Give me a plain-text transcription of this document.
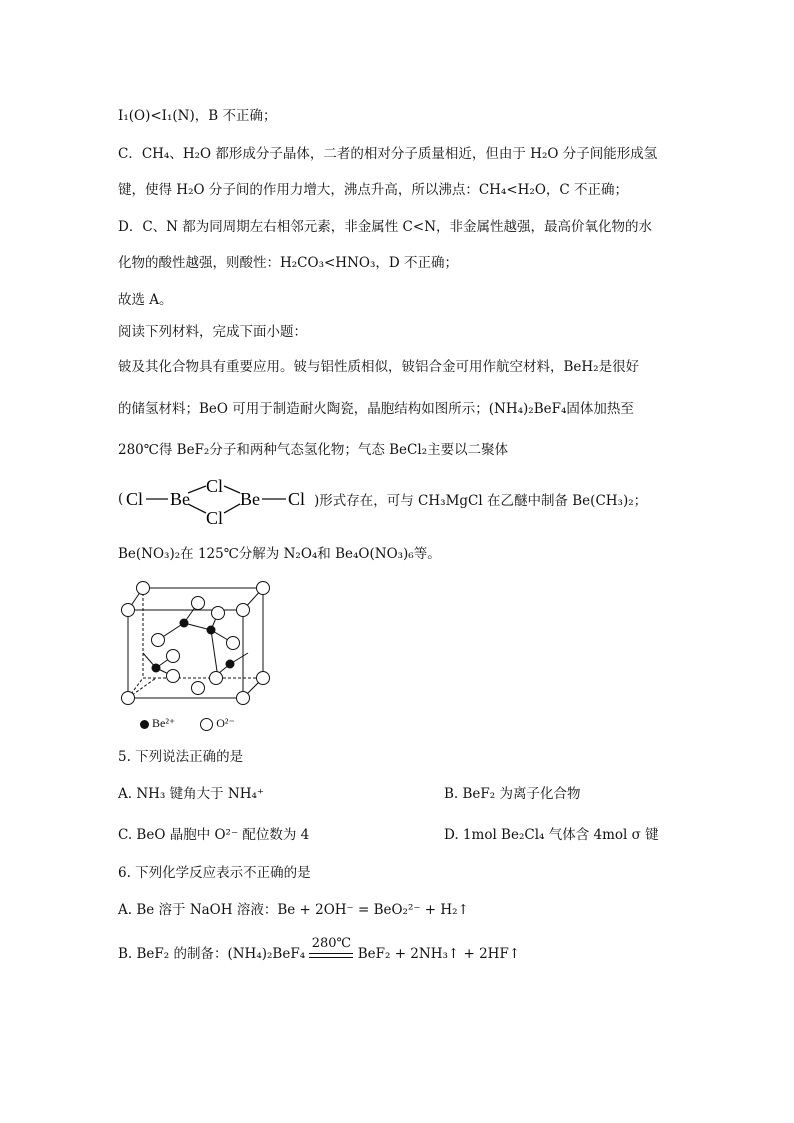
I₁(O)<I₁(N)，B 不正确；
C．CH₄、H₂O 都形成分子晶体，二者的相对分子质量相近，但由于 H₂O 分子间能形成氢
键，使得 H₂O 分子间的作用力增大，沸点升高，所以沸点：CH₄<H₂O，C 不正确；
D．C、N 都为同周期左右相邻元素，非金属性 C<N，非金属性越强，最高价氧化物的水
化物的酸性越强，则酸性：H₂CO₃<HNO₃，D 不正确；
故选 A。
阅读下列材料，完成下面小题：
铍及其化合物具有重要应用。铍与铝性质相似，铍铝合金可用作航空材料，BeH₂是很好
的储氢材料；BeO 可用于制造耐火陶瓷，晶胞结构如图所示；(NH₄)₂BeF₄固体加热至
280℃得 BeF₂分子和两种气态氢化物；气态 BeCl₂主要以二聚体
( Cl Be
Cl
Cl
Be Cl )形式存在，可与 CH₃MgCl 在乙醚中制备 Be(CH₃)₂；
Be(NO₃)₂在 125℃分解为 N₂O₄和 Be₄O(NO₃)₆等。
Be²⁺	O²⁻
5. 下列说法正确的是
A. NH₃ 键角大于 NH₄⁺	B. BeF₂ 为离子化合物
C. BeO 晶胞中 O²⁻ 配位数为 4	D. 1mol Be₂Cl₄ 气体含 4mol σ 键
6. 下列化学反应表示不正确的是
A. Be 溶于 NaOH 溶液：Be + 2OH⁻ = BeO₂²⁻ + H₂↑
B. BeF₂ 的制备：(NH₄)₂BeF₄
280℃
BeF₂ + 2NH₃↑ + 2HF↑
